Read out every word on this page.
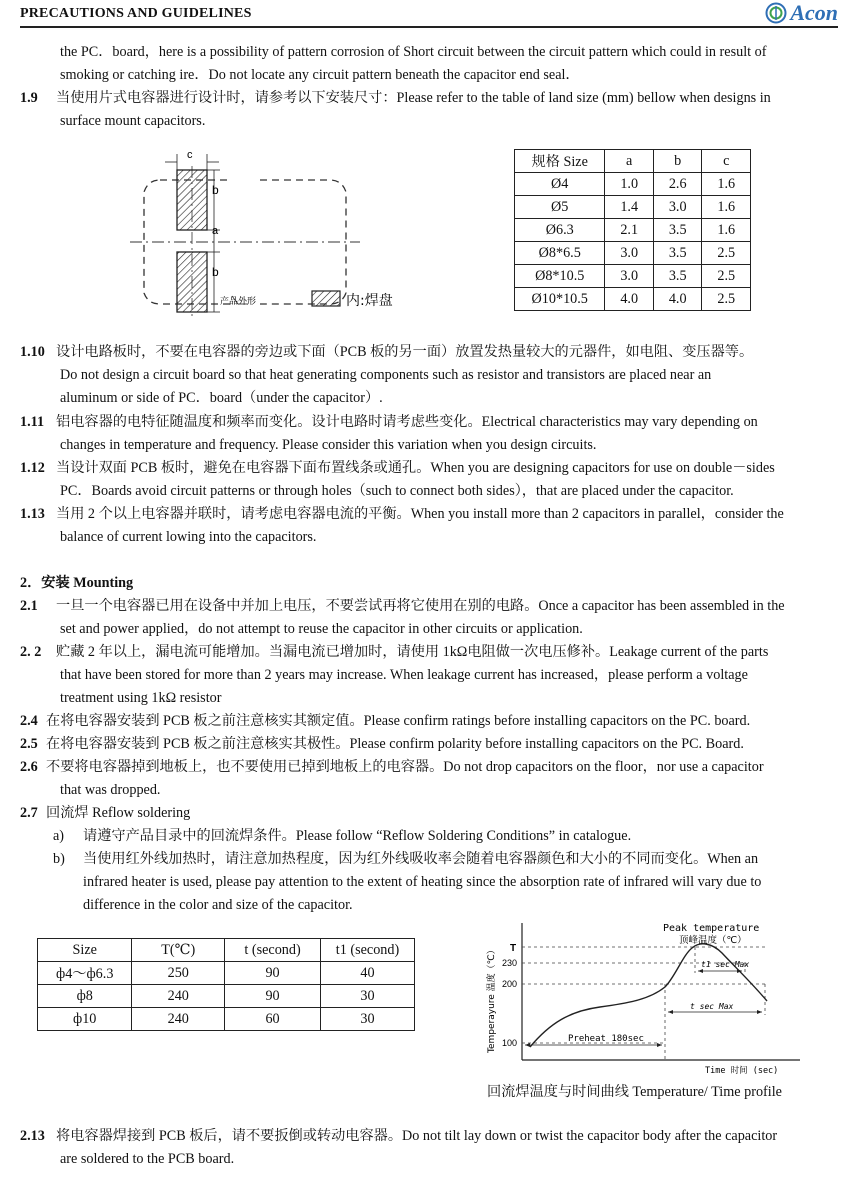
PRECAUTIONS AND GUIDELINES	Acon
the PC．board，here is a possibility of pattern corrosion of Short circuit between the circuit pattern which could in result of
smoking or catching ire．Do not locate any circuit pattern beneath the capacitor end seal．
1.9 当使用片式电容器进行设计时，请参考以下安装尺寸：Please refer to the table of land size (mm) bellow when designs in
surface mount capacitors.
c
b
a
b
产品外形	内:焊盘
规格 Size	a	b	c
Ø4	1.0	2.6	1.6
Ø5	1.4	3.0	1.6
Ø6.3	2.1	3.5	1.6
Ø8*6.5	3.0	3.5	2.5
Ø8*10.5	3.0	3.5	2.5
Ø10*10.5	4.0	4.0	2.5
1.10 设计电路板时，不要在电容器的旁边或下面（PCB 板的另一面）放置发热量较大的元器件，如电阻、变压器等。
Do not design a circuit board so that heat generating components such as resistor and transistors are placed near an
aluminum or side of PC．board（under the capacitor）.
1.11 铝电容器的电特征随温度和频率而变化。设计电路时请考虑些变化。Electrical characteristics may vary depending on
changes in temperature and frequency. Please consider this variation when you design circuits.
1.12 当设计双面 PCB 板时，避免在电容器下面布置线条或通孔。When you are designing capacitors for use on double－sides
PC．Boards avoid circuit patterns or through holes（such to connect both sides），that are placed under the capacitor.
1.13 当用 2 个以上电容器并联时，请考虑电容器电流的平衡。When you install more than 2 capacitors in parallel，consider the
balance of current lowing into the capacitors.
2．安装 Mounting
2.1 一旦一个电容器已用在设备中并加上电压，不要尝试再将它使用在别的电路。Once a capacitor has been assembled in the
set and power applied，do not attempt to reuse the capacitor in other circuits or application.
2. 2 贮藏 2 年以上，漏电流可能增加。当漏电流已增加时，请使用 1kΩ电阻做一次电压修补。Leakage current of the parts
that have been stored for more than 2 years may increase. When leakage current has increased，please perform a voltage
treatment using 1kΩ resistor
2.4 在将电容器安装到 PCB 板之前注意核实其额定值。Please confirm ratings before installing capacitors on the PC. board.
2.5 在将电容器安装到 PCB 板之前注意核实其极性。Please confirm polarity before installing capacitors on the PC. Board.
2.6 不要将电容器掉到地板上，也不要使用已掉到地板上的电容器。Do not drop capacitors on the floor，nor use a capacitor
that was dropped.
2.7 回流焊 Reflow soldering
a)	请遵守产品目录中的回流焊条件。Please follow “Reflow Soldering Conditions” in catalogue.
b)	当使用红外线加热时，请注意加热程度，因为红外线吸收率会随着电容器颜色和大小的不同而变化。When an
infrared heater is used, please pay attention to the extent of heating since the absorption rate of infrared will vary due to
difference in the color and size of the capacitor.
Size	T(℃)	t (second)	t1 (second)
ф4～ф6.3	250	90	40
ф8	240	90	30
ф10	240	60	30
Peak temperature
顶峰温度（℃）
T
230
200
100
t1 sec Max
t sec Max
Preheat 180sec
Time 时间 (sec)
Temperayure 温度（℃）
回流焊温度与时间曲线 Temperature/ Time profile
2.13 将电容器焊接到 PCB 板后，请不要扳倒或转动电容器。Do not tilt lay down or twist the capacitor body after the capacitor
are soldered to the PCB board.
